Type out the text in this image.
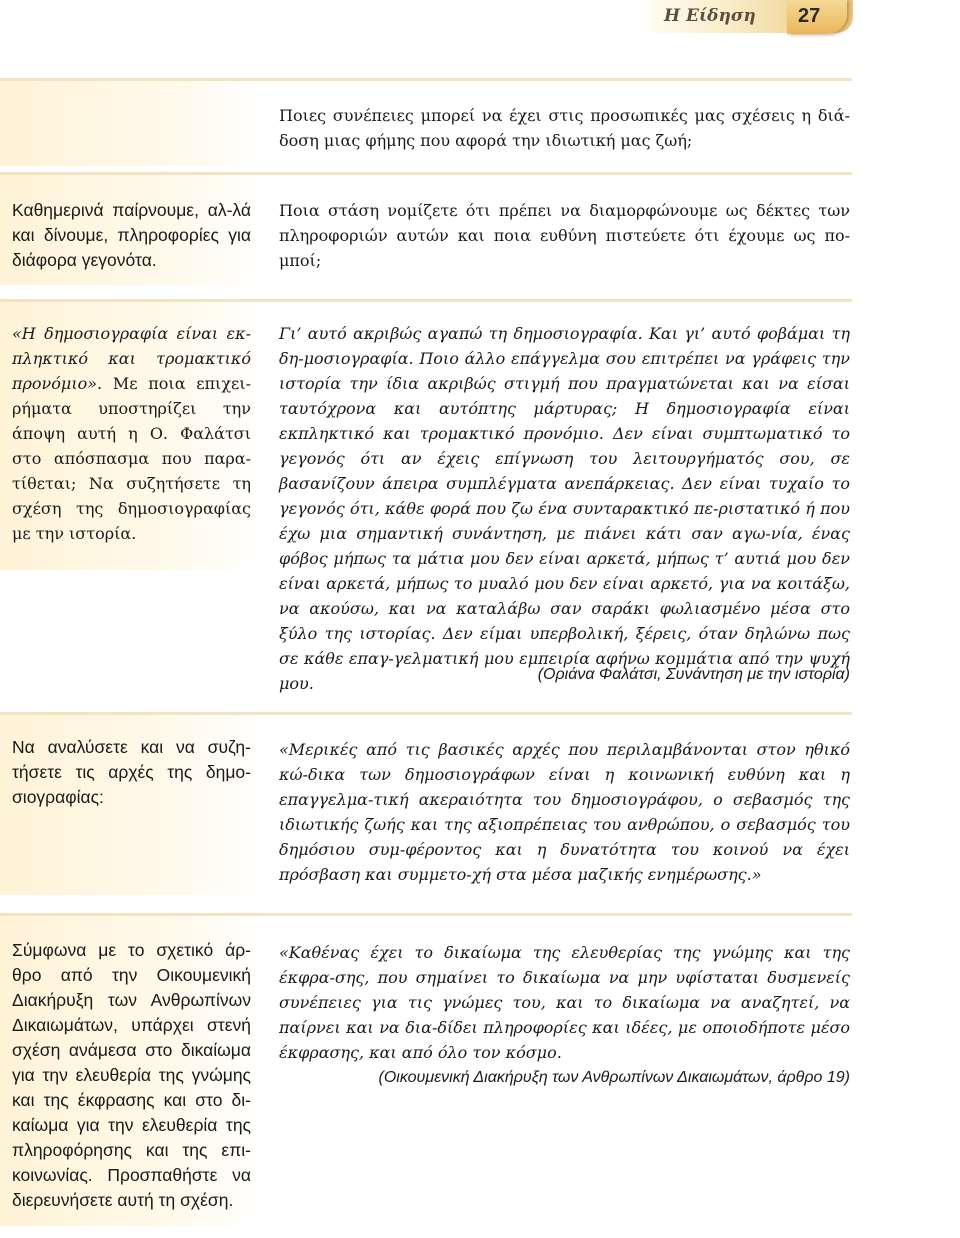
Η Είδηση 27

Ποιες συνέπειες μπορεί να έχει στις προσωπικές μας σχέσεις η διά-δοση μιας φήμης που αφορά την ιδιωτική μας ζωή;

Καθημερινά παίρνουμε, αλ-λά και δίνουμε, πληροφορίες για διάφορα γεγονότα.

Ποια στάση νομίζετε ότι πρέπει να διαμορφώνουμε ως δέκτες των πληροφοριών αυτών και ποια ευθύνη πιστεύετε ότι έχουμε ως πο-μποί;

«Η δημοσιογραφία είναι εκ-πληκτικό και τρομακτικό προνόμιο». Με ποια επιχει-ρήματα υποστηρίζει την άποψη αυτή η Ο. Φαλάτσι στο απόσπασμα που παρα-τίθεται; Να συζητήσετε τη σχέση της δημοσιογραφίας με την ιστορία.

Γι’ αυτό ακριβώς αγαπώ τη δημοσιογραφία. Και γι’ αυτό φοβάμαι τη δη-μοσιογραφία. Ποιο άλλο επάγγελμα σου επιτρέπει να γράφεις την ιστορία την ίδια ακριβώς στιγμή που πραγματώνεται και να είσαι ταυτόχρονα και αυτόπτης μάρτυρας; Η δημοσιογραφία είναι εκπληκτικό και τρομακτικό προνόμιο. Δεν είναι συμπτωματικό το γεγονός ότι αν έχεις επίγνωση του λειτουργήματός σου, σε βασανίζουν άπειρα συμπλέγματα ανεπάρκειας. Δεν είναι τυχαίο το γεγονός ότι, κάθε φορά που ζω ένα συνταρακτικό πε-ριστατικό ή που έχω μια σημαντική συνάντηση, με πιάνει κάτι σαν αγω-νία, ένας φόβος μήπως τα μάτια μου δεν είναι αρκετά, μήπως τ’ αυτιά μου δεν είναι αρκετά, μήπως το μυαλό μου δεν είναι αρκετό, για να κοιτάξω, να ακούσω, και να καταλάβω σαν σαράκι φωλιασμένο μέσα στο ξύλο της ιστορίας. Δεν είμαι υπερβολική, ξέρεις, όταν δηλώνω πως σε κάθε επαγ-γελματική μου εμπειρία αφήνω κομμάτια από την ψυχή μου.	(Οριάνα Φαλάτσι, Συνάντηση με την ιστορία)

Να αναλύσετε και να συζη-τήσετε τις αρχές της δημο-σιογραφίας:

«Μερικές από τις βασικές αρχές που περιλαμβάνονται στον ηθικό κώ-δικα των δημοσιογράφων είναι η κοινωνική ευθύνη και η επαγγελμα-τική ακεραιότητα του δημοσιογράφου, ο σεβασμός της ιδιωτικής ζωής και της αξιοπρέπειας του ανθρώπου, ο σεβασμός του δημόσιου συμ-φέροντος και η δυνατότητα του κοινού να έχει πρόσβαση και συμμετο-χή στα μέσα μαζικής ενημέρωσης.»

Σύμφωνα με το σχετικό άρ-θρο από την Οικουμενική Διακήρυξη των Ανθρωπίνων Δικαιωμάτων, υπάρχει στενή σχέση ανάμεσα στο δικαίωμα για την ελευθερία της γνώμης και της έκφρασης και στο δι-καίωμα για την ελευθερία της πληροφόρησης και της επι-κοινωνίας. Προσπαθήστε να διερευνήσετε αυτή τη σχέση.

«Καθένας έχει το δικαίωμα της ελευθερίας της γνώμης και της έκφρα-σης, που σημαίνει το δικαίωμα να μην υφίσταται δυσμενείς συνέπειες για τις γνώμες του, και το δικαίωμα να αναζητεί, να παίρνει και να δια-δίδει πληροφορίες και ιδέες, με οποιοδήποτε μέσο έκφρασης, και από όλο τον κόσμο.

(Οικουμενική Διακήρυξη των Ανθρωπίνων Δικαιωμάτων, άρθρο 19)
